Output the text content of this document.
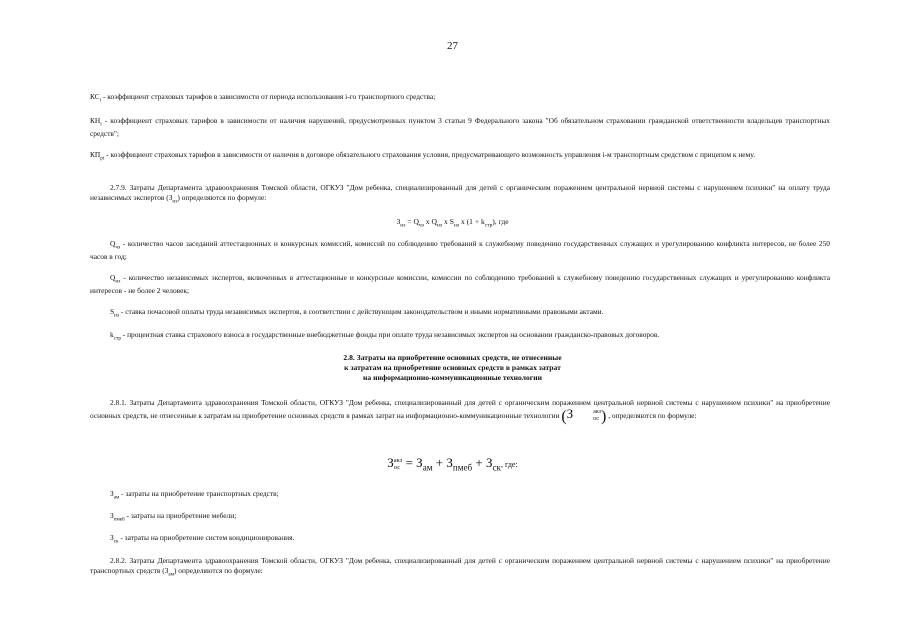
27
$КС_i$ - коэффициент страховых тарифов в зависимости от периода использования i-го транспортного средства;
$КН_i$ - коэффициент страховых тарифов в зависимости от наличия нарушений, предусмотренных пунктом 3 статьи 9 Федерального закона "Об обязательном страховании гражданской ответственности владельцев транспортных средств";
$КП_{pi}$ - коэффициент страховых тарифов в зависимости от наличия в договоре обязательного страхования условия, предусматривающего возможность управления i-м транспортным средством с прицепом к нему.
2.7.9. Затраты Департамента здравоохранения Томской области, ОГКУЗ "Дом ребенка, специализированный для детей с органическим поражением центральной нервной системы с нарушением психики" на оплату труда независимых экспертов $(З_{нэ})$ определяются по формуле:
$З_{нэ} = Q_{чэ}$ x $Q_{нэ}$ x $S_{нэ}$ x $(1 + k_{стр})$, где
$Q_{чэ}$ - количество часов заседаний аттестационных и конкурсных комиссий, комиссий по соблюдению требований к служебному поведению государственных служащих и урегулированию конфликта интересов, не более 250 часов в год;
$Q_{нэ}$ - количество независимых экспертов, включенных в аттестационные и конкурсные комиссии, комиссии по соблюдению требований к служебному поведению государственных служащих и урегулированию конфликта интересов - не более 2 человек;
$S_{нэ}$ - ставка почасовой оплаты труда независимых экспертов, в соответствии с действующим законодательством и иными нормативными правовыми актами.
$k_{стр}$ - процентная ставка страхового взноса в государственные внебюджетные фонды при оплате труда независимых экспертов на основании гражданско-правовых договоров.
2.8. Затраты на приобретение основных средств, не отнесенные
к затратам на приобретение основных средств в рамках затрат
на информационно-коммуникационные технологии
2.8.1. Затраты Департамента здравоохранения Томской области, ОГКУЗ "Дом ребенка, специализированный для детей с органическим поражением центральной нервной системы с нарушением психики" на приобретение основных средств, не отнесенные к затратам на приобретение основных средств в рамках затрат на информационно-коммуникационные технологии (З	акз
ос ) , определяются по формуле:
З акз
ос = $З_{ам} + З_{пмеб} + З_{ск}$, где:
$З_{ам}$ - затраты на приобретение транспортных средств;
$З_{пмеб}$ - затраты на приобретение мебели;
$З_{ск}$ - затраты на приобретение систем кондиционирования.
2.8.2. Затраты Департамента здравоохранения Томской области, ОГКУЗ "Дом ребенка, специализированный для детей с органическим поражением центральной нервной системы с нарушением психики" на приобретение транспортных средств $(З_{ам})$ определяются по формуле:
